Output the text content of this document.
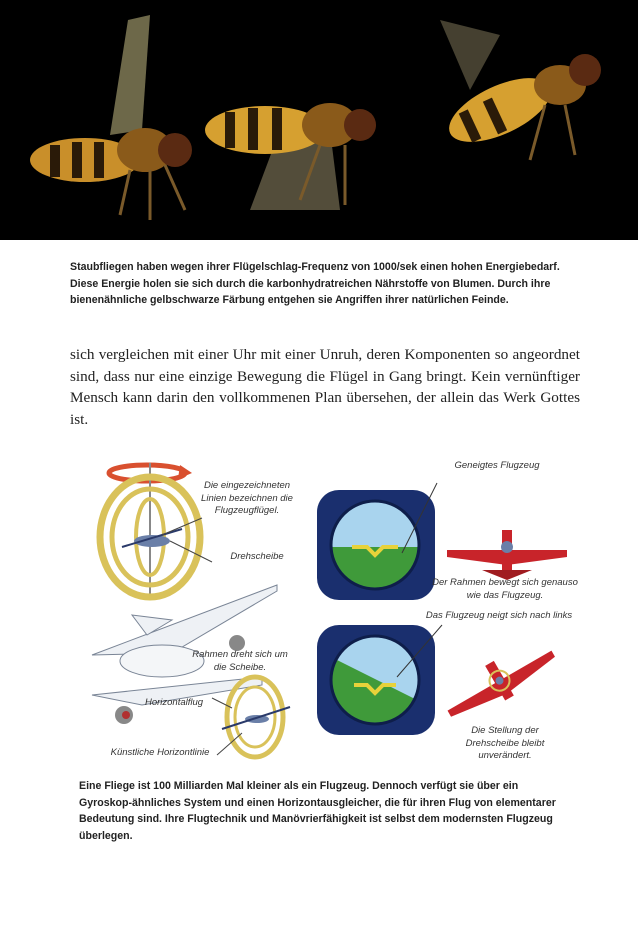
Staubfliegen haben wegen ihrer Flügelschlag-Frequenz von 1000/sek einen hohen Energiebedarf. Diese Energie holen sie sich durch die karbonhydratreichen Nährstoffe von Blumen. Durch ihre bienenähnliche gelbschwarze Färbung entgehen sie Angriffen ihrer natürlichen Feinde.
sich vergleichen mit einer Uhr mit einer Unruh, deren Komponenten so angeordnet sind, dass nur eine einzige Bewegung die Flügel in Gang bringt. Kein vernünftiger Mensch kann darin den vollkommenen Plan übersehen, der allein das Werk Gottes ist.
Die eingezeichneten Linien bezeichnen die Flugzeugflügel.
Drehscheibe
Rahmen dreht sich um die Scheibe.
Horizontalflug
Künstliche Horizontlinie
Geneigtes Flugzeug
Der Rahmen bewegt sich genauso wie das Flugzeug.
Das Flugzeug neigt sich nach links
Die Stellung der Drehscheibe bleibt unverändert.
Eine Fliege ist 100 Milliarden Mal kleiner als ein Flugzeug. Dennoch verfügt sie über ein Gyroskop-ähnliches System und einen Horizontausgleicher, die für ihren Flug von elementarer Bedeutung sind. Ihre Flugtechnik und Manövrierfähigkeit ist selbst dem modernsten Flugzeug überlegen.
